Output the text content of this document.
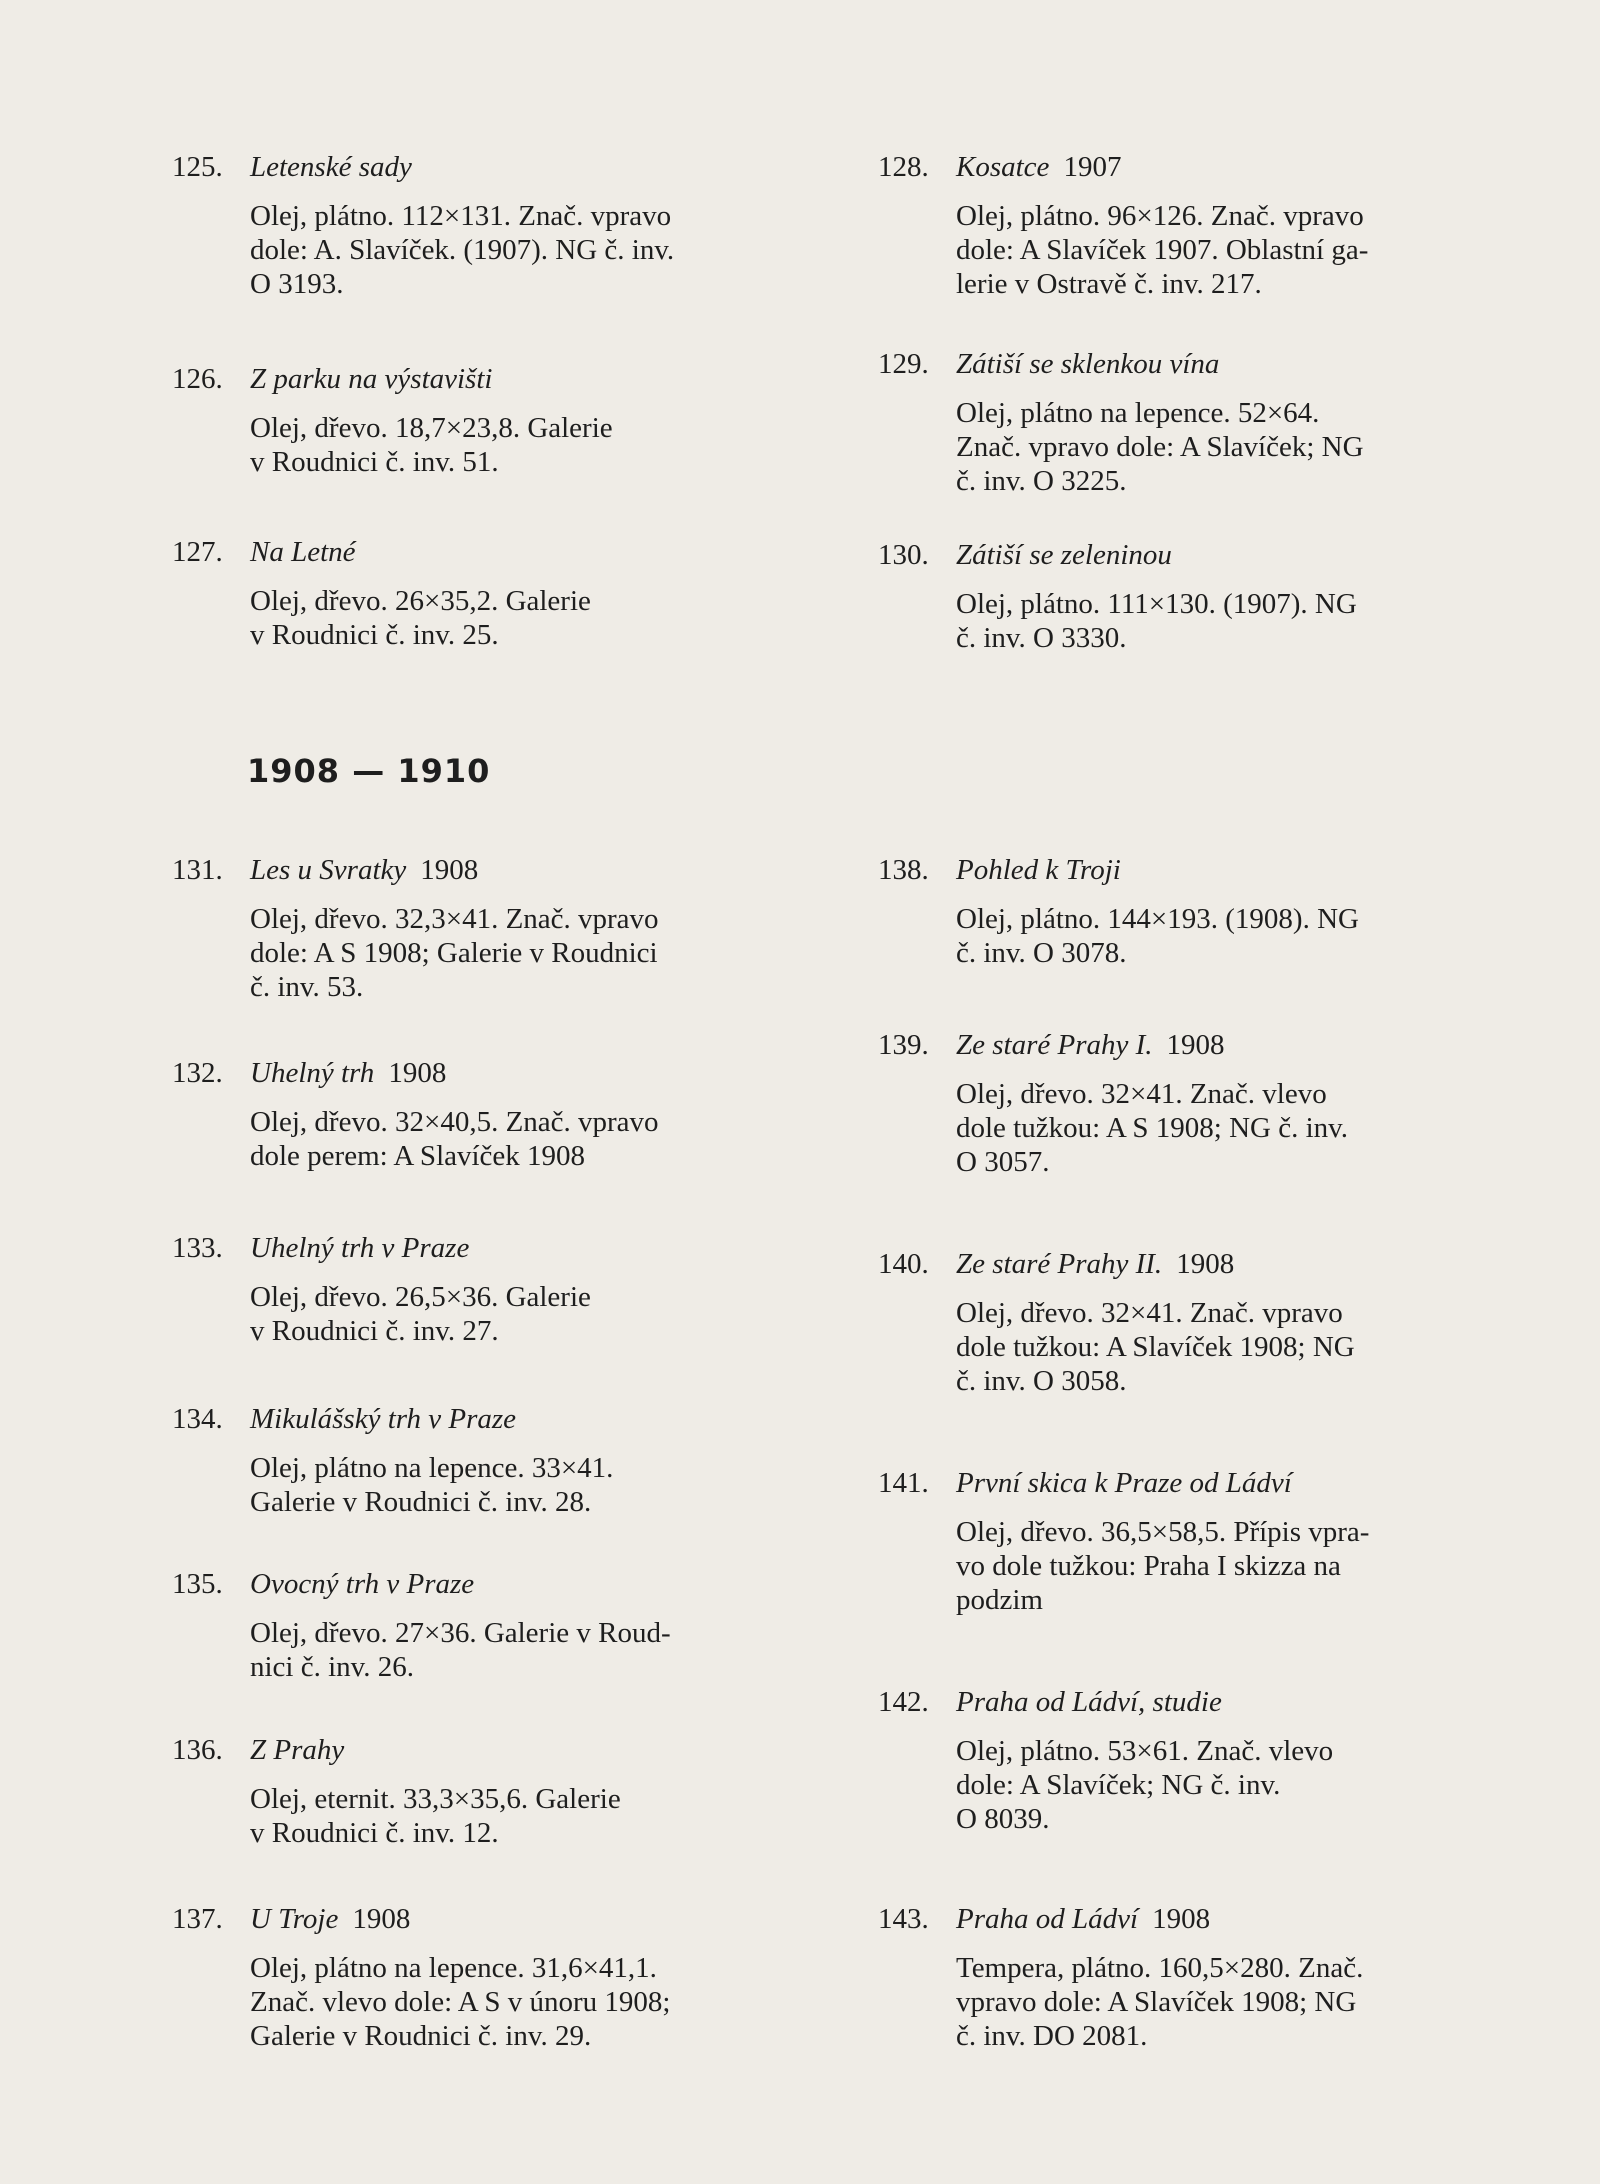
125. Letenské sady
Olej, plátno. 112×131. Znač. vpravo
dole: A. Slavíček. (1907). NG č. inv.
O 3193.
126. Z parku na výstavišti
Olej, dřevo. 18,7×23,8. Galerie
v Roudnici č. inv. 51.
127. Na Letné
Olej, dřevo. 26×35,2. Galerie
v Roudnici č. inv. 25.
131. Les u Svratky 1908
Olej, dřevo. 32,3×41. Znač. vpravo
dole: A S 1908; Galerie v Roudnici
č. inv. 53.
132. Uhelný trh 1908
Olej, dřevo. 32×40,5. Znač. vpravo
dole perem: A Slavíček 1908
133. Uhelný trh v Praze
Olej, dřevo. 26,5×36. Galerie
v Roudnici č. inv. 27.
134. Mikulášský trh v Praze
Olej, plátno na lepence. 33×41.
Galerie v Roudnici č. inv. 28.
135. Ovocný trh v Praze
Olej, dřevo. 27×36. Galerie v Roud-
nici č. inv. 26.
136. Z Prahy
Olej, eternit. 33,3×35,6. Galerie
v Roudnici č. inv. 12.
137. U Troje 1908
Olej, plátno na lepence. 31,6×41,1.
Znač. vlevo dole: A S v únoru 1908;
Galerie v Roudnici č. inv. 29.
1908 — 1910
128. Kosatce 1907
Olej, plátno. 96×126. Znač. vpravo
dole: A Slavíček 1907. Oblastní ga-
lerie v Ostravě č. inv. 217.
129. Zátiší se sklenkou vína
Olej, plátno na lepence. 52×64.
Znač. vpravo dole: A Slavíček; NG
č. inv. O 3225.
130. Zátiší se zeleninou
Olej, plátno. 111×130. (1907). NG
č. inv. O 3330.
138. Pohled k Troji
Olej, plátno. 144×193. (1908). NG
č. inv. O 3078.
139. Ze staré Prahy I. 1908
Olej, dřevo. 32×41. Znač. vlevo
dole tužkou: A S 1908; NG č. inv.
O 3057.
140. Ze staré Prahy II. 1908
Olej, dřevo. 32×41. Znač. vpravo
dole tužkou: A Slavíček 1908; NG
č. inv. O 3058.
141. První skica k Praze od Ládví
Olej, dřevo. 36,5×58,5. Přípis vpra-
vo dole tužkou: Praha I skizza na
podzim
142. Praha od Ládví, studie
Olej, plátno. 53×61. Znač. vlevo
dole: A Slavíček; NG č. inv.
O 8039.
143. Praha od Ládví 1908
Tempera, plátno. 160,5×280. Znač.
vpravo dole: A Slavíček 1908; NG
č. inv. DO 2081.
